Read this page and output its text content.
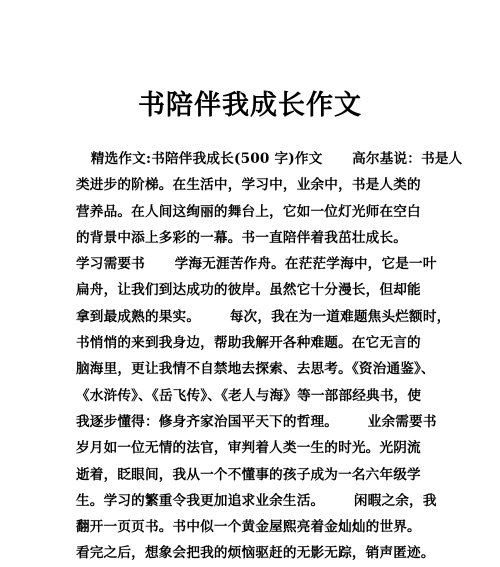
书陪伴我成长作文
精选作文:书陪伴我成长(500 字)作文      高尔基说：书是人
类进步的阶梯。在生活中，学习中，业余中，书是人类的
营养品。在人间这绚丽的舞台上，它如一位灯光师在空白
的背景中添上多彩的一幕。书一直陪伴着我茁壮成长。
学习需要书      学海无涯苦作舟。在茫茫学海中，它是一叶
扁舟，让我们到达成功的彼岸。虽然它十分漫长，但却能
拿到最成熟的果实。      每次，我在为一道难题焦头烂额时，
书悄悄的来到我身边，帮助我解开各种难题。在它无言的
脑海里，更让我情不自禁地去探索、去思考。《资治通鉴》、
《水浒传》、《岳飞传》、《老人与海》等一部部经典书，使
我逐步懂得：修身齐家治国平天下的哲理。      业余需要书
岁月如一位无情的法官，审判着人类一生的时光。光阴流
逝着，眨眼间，我从一个不懂事的孩子成为一名六年级学
生。学习的繁重令我更加追求业余生活。      闲暇之余，我
翻开一页页书。书中似一个黄金屋熙亮着金灿灿的世界。
看完之后，想象会把我的烦恼驱赶的无影无踪，销声匿迹。
